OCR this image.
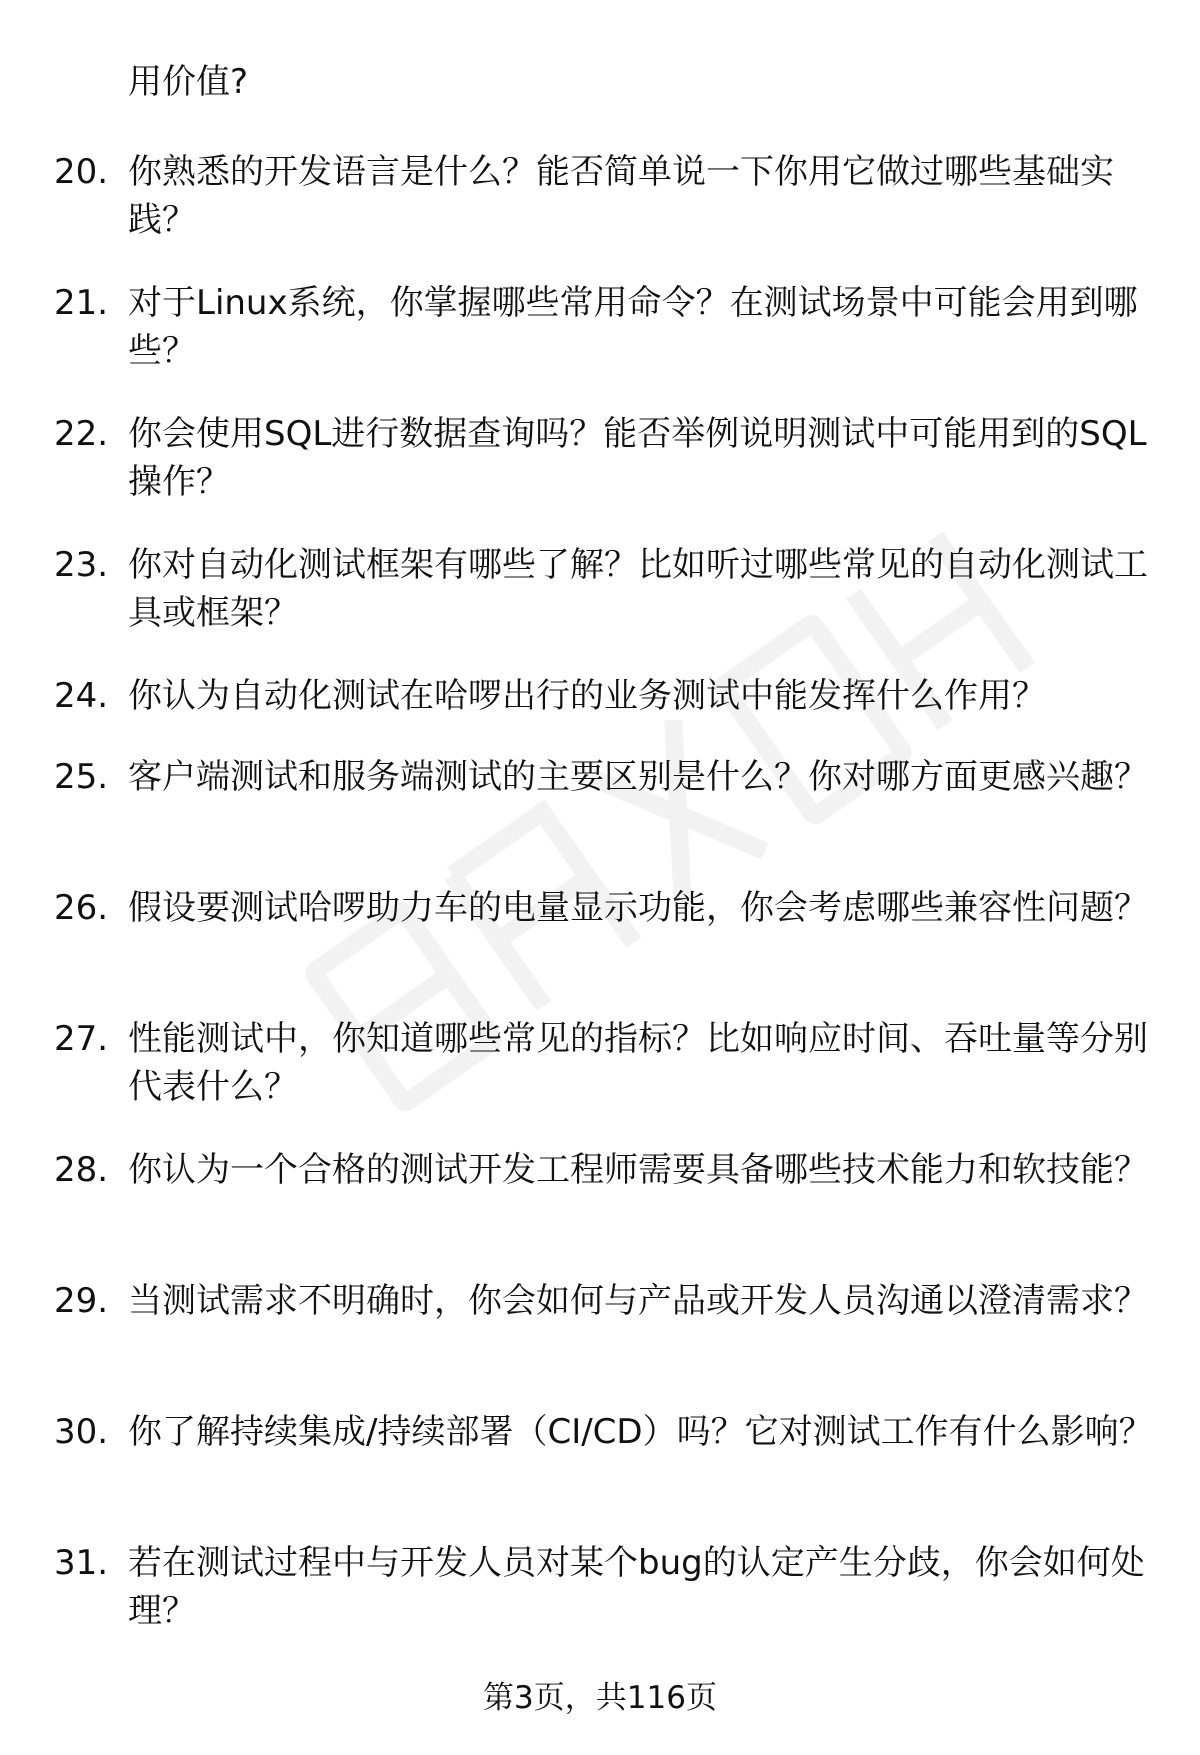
用价值?

20. 你熟悉的开发语言是什么？能否简单说一下你用它做过哪些基础实践？
21. 对于Linux系统，你掌握哪些常用命令？在测试场景中可能会用到哪些？
22. 你会使用SQL进行数据查询吗？能否举例说明测试中可能用到的SQL操作？
23. 你对自动化测试框架有哪些了解？比如听过哪些常见的自动化测试工具或框架？
24. 你认为自动化测试在哈啰出行的业务测试中能发挥什么作用？
25. 客户端测试和服务端测试的主要区别是什么？你对哪方面更感兴趣？
26. 假设要测试哈啰助力车的电量显示功能，你会考虑哪些兼容性问题？
27. 性能测试中，你知道哪些常见的指标？比如响应时间、吞吐量等分别代表什么？
28. 你认为一个合格的测试开发工程师需要具备哪些技术能力和软技能？
29. 当测试需求不明确时，你会如何与产品或开发人员沟通以澄清需求？
30. 你了解持续集成/持续部署（CI/CD）吗？它对测试工作有什么影响？
31. 若在测试过程中与开发人员对某个bug的认定产生分歧，你会如何处理？
第3页，共116页
